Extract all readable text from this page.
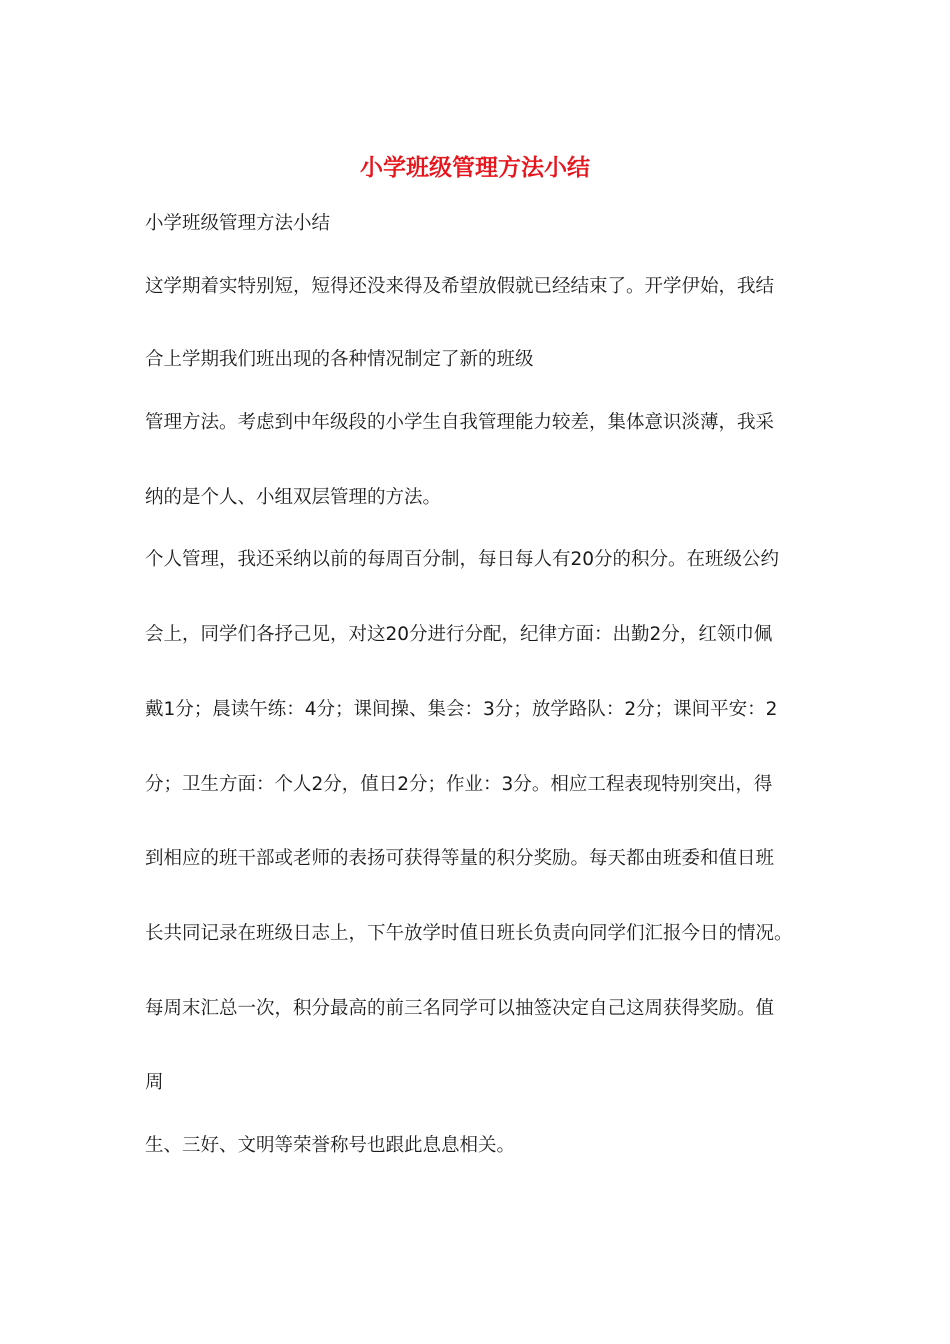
小学班级管理方法小结
小学班级管理方法小结
这学期着实特别短，短得还没来得及希望放假就已经结束了。开学伊始，我结
合上学期我们班出现的各种情况制定了新的班级
管理方法。考虑到中年级段的小学生自我管理能力较差，集体意识淡薄，我采
纳的是个人、小组双层管理的方法。
个人管理，我还采纳以前的每周百分制，每日每人有20分的积分。在班级公约
会上，同学们各抒己见，对这20分进行分配，纪律方面：出勤2分，红领巾佩
戴1分；晨读午练：4分；课间操、集会：3分；放学路队：2分；课间平安：2
分；卫生方面：个人2分，值日2分；作业：3分。相应工程表现特别突出，得
到相应的班干部或老师的表扬可获得等量的积分奖励。每天都由班委和值日班
长共同记录在班级日志上，下午放学时值日班长负责向同学们汇报今日的情况。
每周末汇总一次，积分最高的前三名同学可以抽签决定自己这周获得奖励。值
周
生、三好、文明等荣誉称号也跟此息息相关。
